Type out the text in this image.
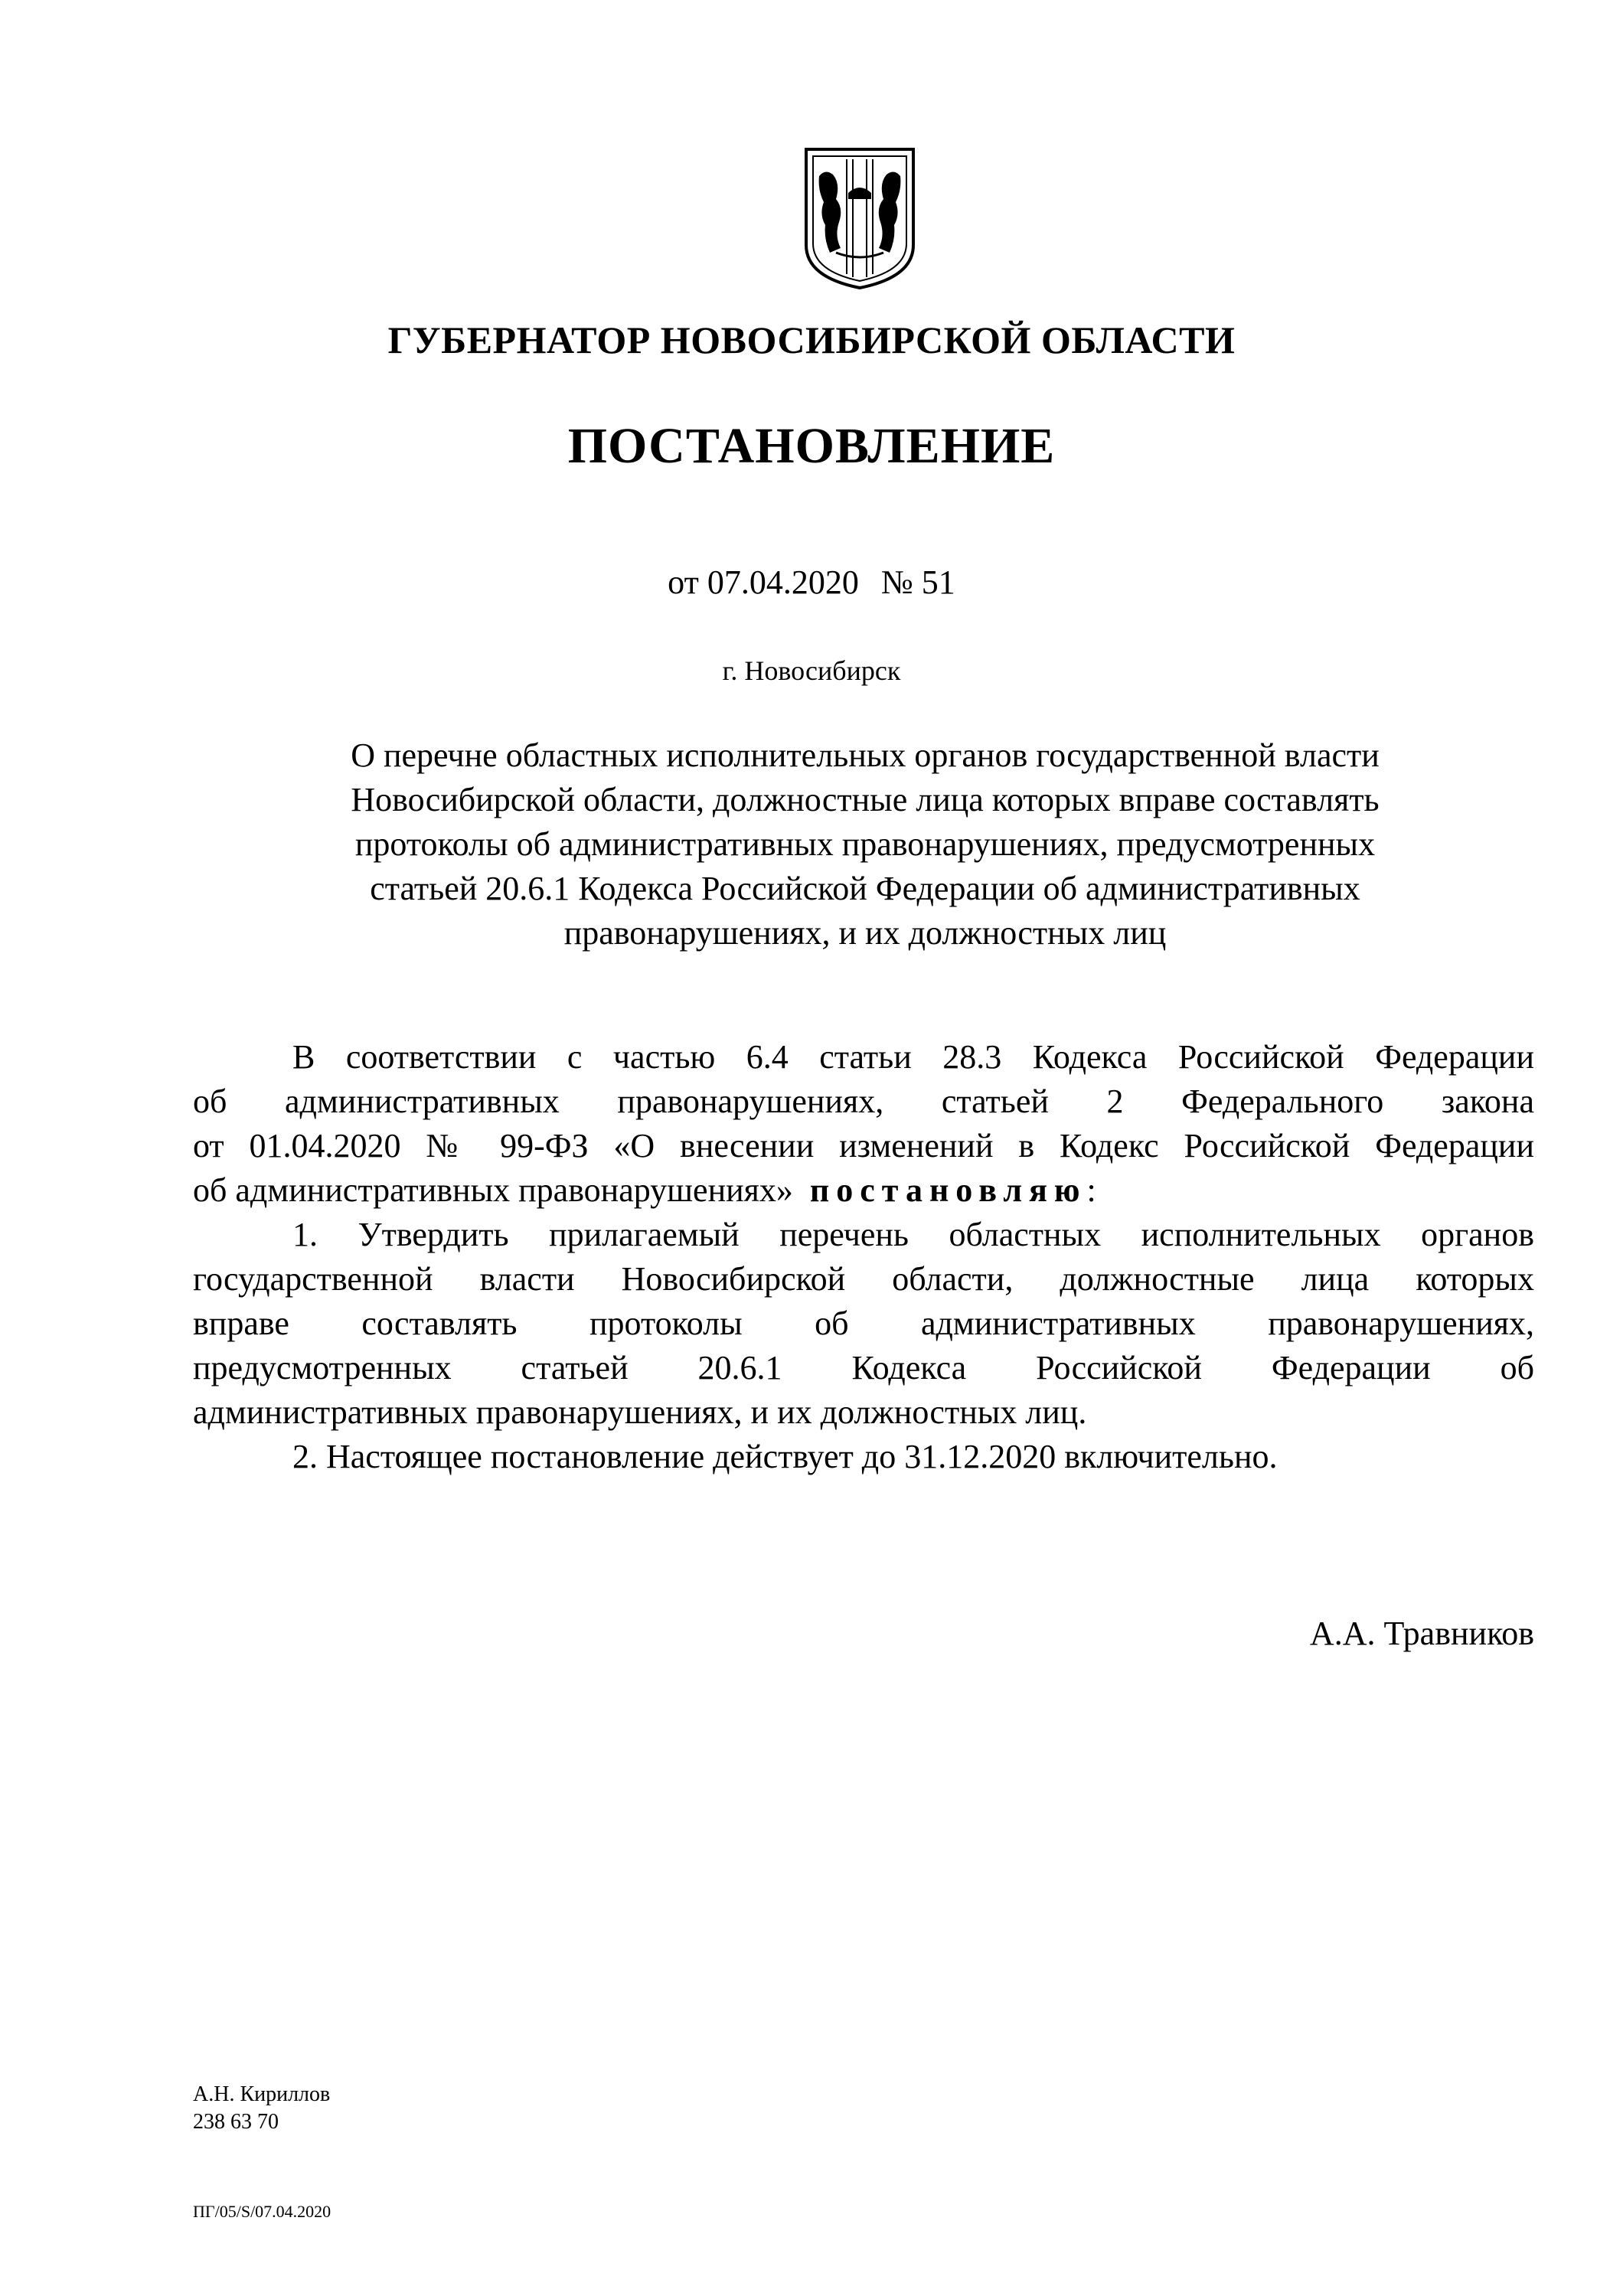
ГУБЕРНАТОР НОВОСИБИРСКОЙ ОБЛАСТИ
ПОСТАНОВЛЕНИЕ
от 07.04.2020 № 51
г. Новосибирск
О перечне областных исполнительных органов государственной власти
Новосибирской области, должностные лица которых вправе составлять
протоколы об административных правонарушениях, предусмотренных
статьей 20.6.1 Кодекса Российской Федерации об административных
правонарушениях, и их должностных лиц
В соответствии с частью 6.4 статьи 28.3 Кодекса Российской Федерации
об административных правонарушениях, статьей 2 Федерального закона
от 01.04.2020 № 99-ФЗ «О внесении изменений в Кодекс Российской Федерации
об административных правонарушениях» постановляю:
1. Утвердить прилагаемый перечень областных исполнительных органов
государственной власти Новосибирской области, должностные лица которых
вправе составлять протоколы об административных правонарушениях,
предусмотренных статьей 20.6.1 Кодекса Российской Федерации об
административных правонарушениях, и их должностных лиц.
2. Настоящее постановление действует до 31.12.2020 включительно.
А.А. Травников
А.Н. Кириллов
238 63 70
ПГ/05/S/07.04.2020
